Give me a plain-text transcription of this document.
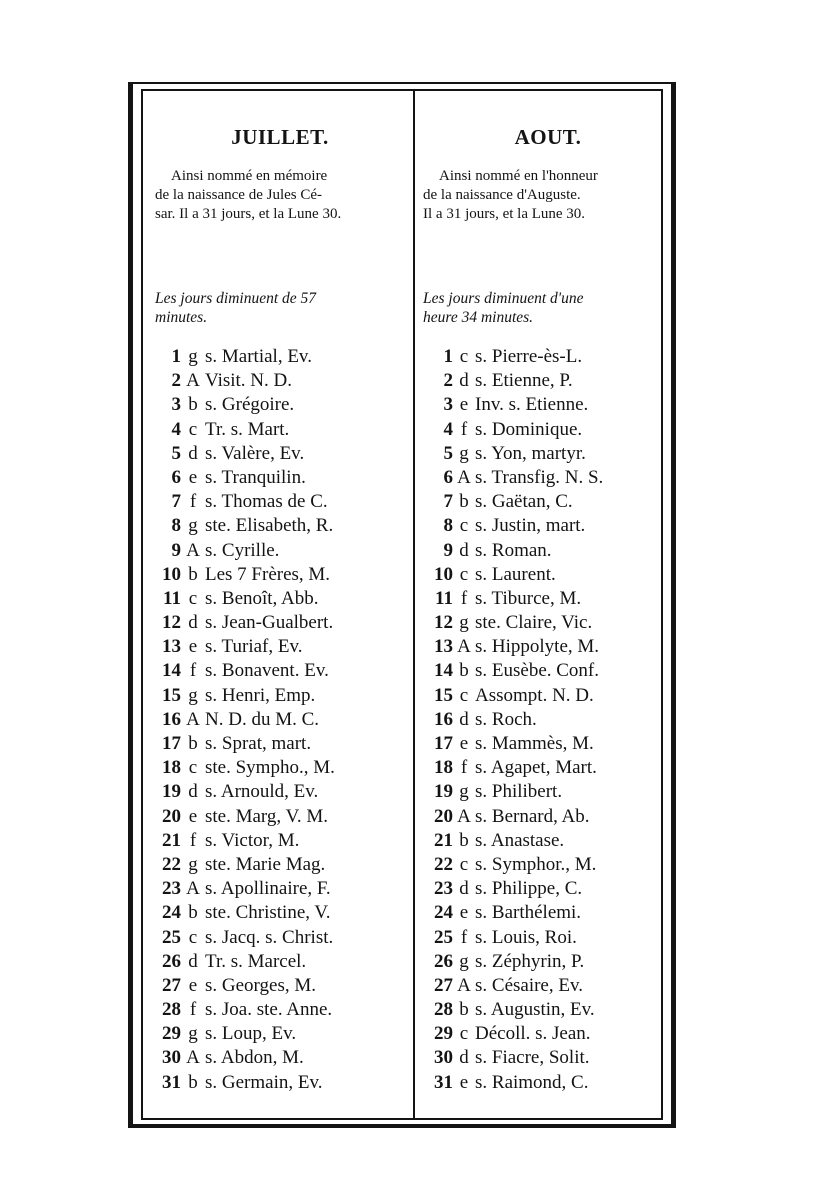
JUILLET.
Ainsi nommé en mémoire
de la naissance de Jules Cé-
sar. Il a 31 jours, et la Lune 30.
Les jours diminuent de 57
minutes.
1 g s. Martial, Ev.
2 A Visit. N. D.
3 b s. Grégoire.
4 c Tr. s. Mart.
5 d s. Valère, Ev.
6 e s. Tranquilin.
7 f s. Thomas de C.
8 g ste. Elisabeth, R.
9 A s. Cyrille.
10 b Les 7 Frères, M.
11 c s. Benoît, Abb.
12 d s. Jean-Gualbert.
13 e s. Turiaf, Ev.
14 f s. Bonavent. Ev.
15 g s. Henri, Emp.
16 A N. D. du M. C.
17 b s. Sprat, mart.
18 c ste. Sympho., M.
19 d s. Arnould, Ev.
20 e ste. Marg, V. M.
21 f s. Victor, M.
22 g ste. Marie Mag.
23 A s. Apollinaire, F.
24 b ste. Christine, V.
25 c s. Jacq. s. Christ.
26 d Tr. s. Marcel.
27 e s. Georges, M.
28 f s. Joa. ste. Anne.
29 g s. Loup, Ev.
30 A s. Abdon, M.
31 b s. Germain, Ev.
AOUT.
Ainsi nommé en l'honneur
de la naissance d'Auguste.
Il a 31 jours, et la Lune 30.
Les jours diminuent d'une
heure 34 minutes.
1 c s. Pierre-ès-L.
2 d s. Etienne, P.
3 e Inv. s. Etienne.
4 f s. Dominique.
5 g s. Yon, martyr.
6 A s. Transfig. N. S.
7 b s. Gaëtan, C.
8 c s. Justin, mart.
9 d s. Roman.
10 c s. Laurent.
11 f s. Tiburce, M.
12 g ste. Claire, Vic.
13 A s. Hippolyte, M.
14 b s. Eusèbe. Conf.
15 c Assompt. N. D.
16 d s. Roch.
17 e s. Mammès, M.
18 f s. Agapet, Mart.
19 g s. Philibert.
20 A s. Bernard, Ab.
21 b s. Anastase.
22 c s. Symphor., M.
23 d s. Philippe, C.
24 e s. Barthélemi.
25 f s. Louis, Roi.
26 g s. Zéphyrin, P.
27 A s. Césaire, Ev.
28 b s. Augustin, Ev.
29 c Décoll. s. Jean.
30 d s. Fiacre, Solit.
31 e s. Raimond, C.
